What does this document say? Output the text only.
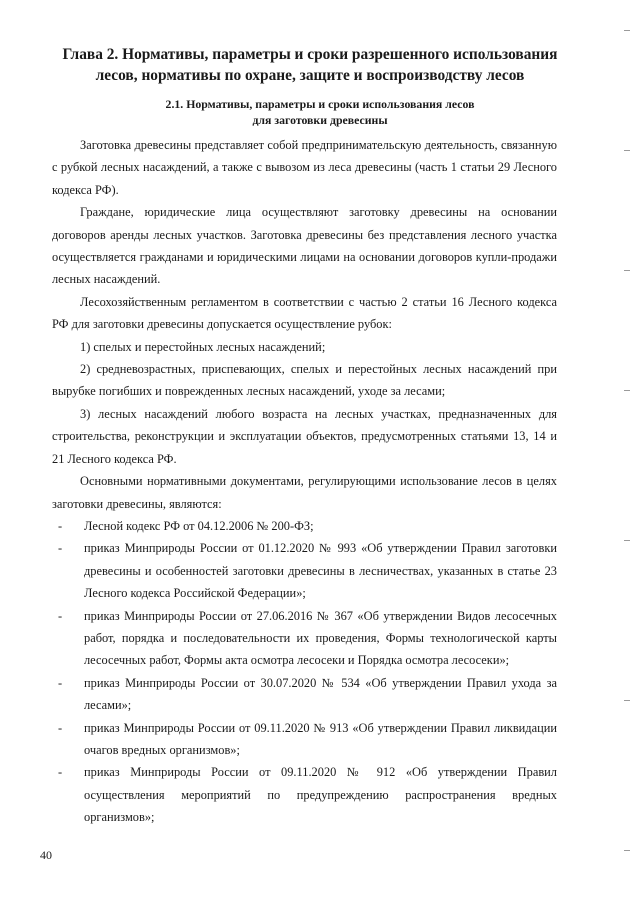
Глава 2. Нормативы, параметры и сроки разрешенного использования
лесов, нормативы по охране, защите и воспроизводству лесов
2.1. Нормативы, параметры и сроки использования лесов
для заготовки древесины

Заготовка древесины представляет собой предпринимательскую деятельность, связанную с рубкой лесных насаждений, а также с вывозом из леса древесины (часть 1 статьи 29 Лесного кодекса РФ).

Граждане, юридические лица осуществляют заготовку древесины на основании договоров аренды лесных участков. Заготовка древесины без представления лесного участка осуществляется гражданами и юридическими лицами на основании договоров купли-продажи лесных насаждений.

Лесохозяйственным регламентом в соответствии с частью 2 статьи 16 Лесного кодекса РФ для заготовки древесины допускается осуществление рубок:

1) спелых и перестойных лесных насаждений;

2) средневозрастных, приспевающих, спелых и перестойных лесных насаждений при вырубке погибших и поврежденных лесных насаждений, уходе за лесами;

3) лесных насаждений любого возраста на лесных участках, предназначенных для строительства, реконструкции и эксплуатации объектов, предусмотренных статьями 13, 14 и 21 Лесного кодекса РФ.

Основными нормативными документами, регулирующими использование лесов в целях заготовки древесины, являются:

- Лесной кодекс РФ от 04.12.2006 № 200-ФЗ;
- приказ Минприроды России от 01.12.2020 № 993 «Об утверждении Правил заготовки древесины и особенностей заготовки древесины в лесничествах, указанных в статье 23 Лесного кодекса Российской Федерации»;
- приказ Минприроды России от 27.06.2016 № 367 «Об утверждении Видов лесосечных работ, порядка и последовательности их проведения, Формы технологической карты лесосечных работ, Формы акта осмотра лесосеки и Порядка осмотра лесосеки»;
- приказ Минприроды России от 30.07.2020 № 534 «Об утверждении Правил ухода за лесами»;
- приказ Минприроды России от 09.11.2020 № 913 «Об утверждении Правил ликвидации очагов вредных организмов»;
- приказ Минприроды России от 09.11.2020 № 912 «Об утверждении Правил осуществления мероприятий по предупреждению распространения вредных организмов»;
40
